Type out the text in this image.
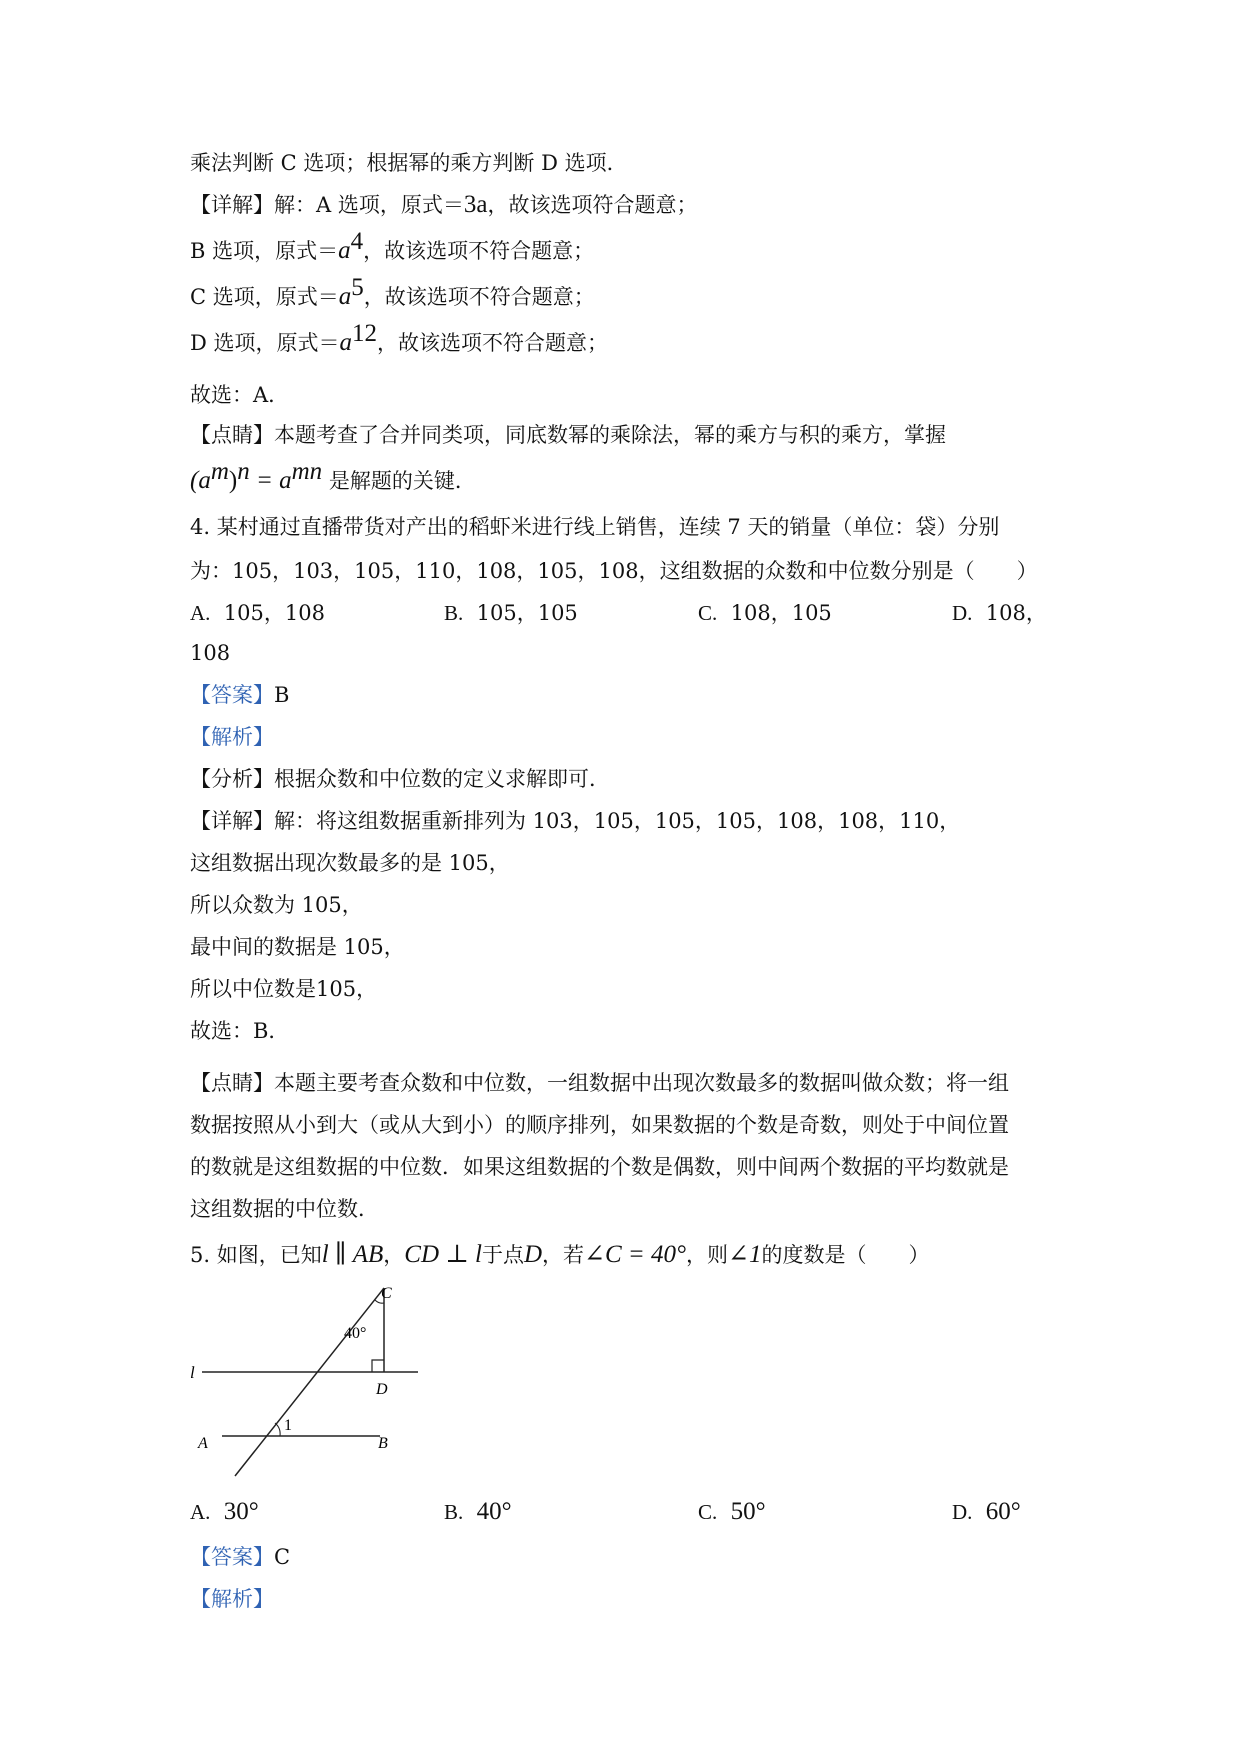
乘法判断 C 选项；根据幂的乘方判断 D 选项．
【详解】解：A 选项，原式＝3a，故该选项符合题意；
B 选项，原式$=a^4$，故该选项不符合题意；
C 选项，原式$=a^5$，故该选项不符合题意；
D 选项，原式$=a^{12}$，故该选项不符合题意；
故选：A．
【点睛】本题考查了合并同类项，同底数幂的乘除法，幂的乘方与积的乘方，掌握
$(a^m)^n = a^{mn}$ 是解题的关键．
4. 某村通过直播带货对产出的稻虾米进行线上销售，连续 7 天的销量（单位：袋）分别
为：105，103，105，110，108，105，108，这组数据的众数和中位数分别是（　　）
A. 105，108	B. 105，105	C. 108，105	D. 108，
108
【答案】B
【解析】
【分析】根据众数和中位数的定义求解即可．
【详解】解：将这组数据重新排列为 103，105，105，105，108，108，110，
这组数据出现次数最多的是 105，
所以众数为 105，
最中间的数据是 105，
所以中位数是105，
故选：B．
【点睛】本题主要考查众数和中位数，一组数据中出现次数最多的数据叫做众数；将一组
数据按照从小到大（或从大到小）的顺序排列，如果数据的个数是奇数，则处于中间位置
的数就是这组数据的中位数．如果这组数据的个数是偶数，则中间两个数据的平均数就是
这组数据的中位数．
5. 如图，已知l ∥ AB，CD ⊥ l于点D，若∠C = 40°，则∠1的度数是（　　）
C
40°
l
D
1
A	B
A. 30°	B. 40°	C. 50°	D. 60°
【答案】C
【解析】
